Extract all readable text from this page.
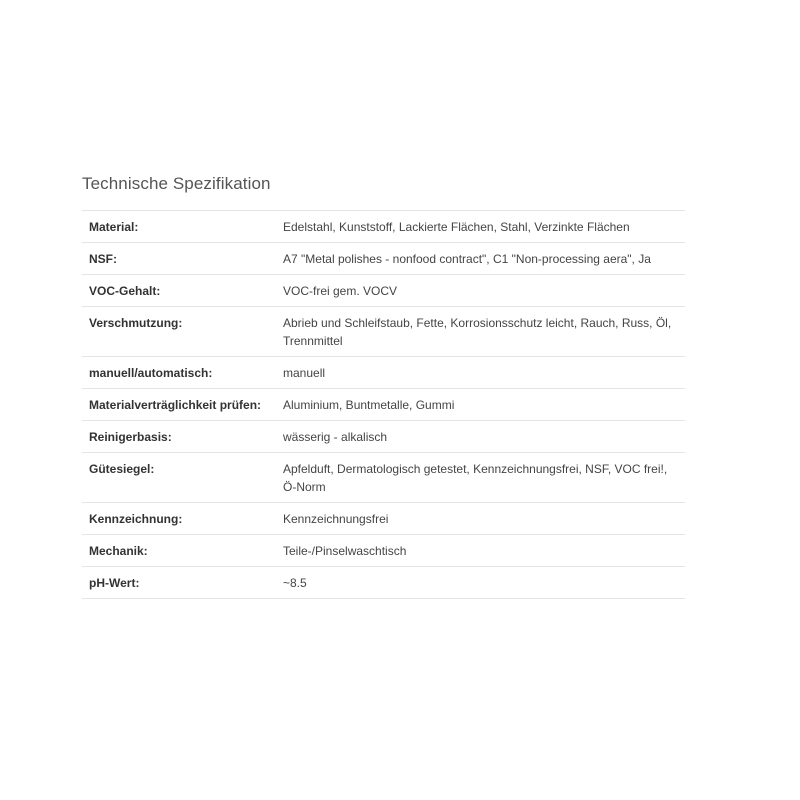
Technische Spezifikation
Material:	Edelstahl, Kunststoff, Lackierte Flächen, Stahl, Verzinkte Flächen
NSF:	A7 "Metal polishes - nonfood contract", C1 "Non-processing aera", Ja
VOC-Gehalt:	VOC-frei gem. VOCV
Verschmutzung:	Abrieb und Schleifstaub, Fette, Korrosionsschutz leicht, Rauch, Russ, Öl, Trennmittel
manuell/automatisch:	manuell
Materialverträglichkeit prüfen:	Aluminium, Buntmetalle, Gummi
Reinigerbasis:	wässerig - alkalisch
Gütesiegel:	Apfelduft, Dermatologisch getestet, Kennzeichnungsfrei, NSF, VOC frei!, Ö-Norm
Kennzeichnung:	Kennzeichnungsfrei
Mechanik:	Teile-/Pinselwaschtisch
pH-Wert:	~8.5
